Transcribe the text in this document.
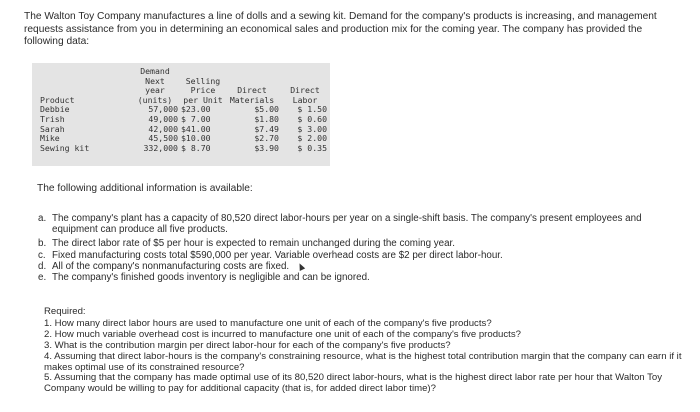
The Walton Toy Company manufactures a line of dolls and a sewing kit. Demand for the company's products is increasing, and management requests assistance from you in determining an economical sales and production mix for the coming year. The company has provided the following data:

	Demand			
	Next	Selling		
	year	Price	Direct	Direct
Product	(units)	per Unit	Materials	Labor
Debbie	57,000	$23.00	$5.00	$ 1.50
Trish	49,000	$ 7.00	$1.80	$ 0.60
Sarah	42,000	$41.00	$7.49	$ 3.00
Mike	45,500	$10.00	$2.70	$ 2.00
Sewing kit	332,000	$ 8.70	$3.90	$ 0.35

The following additional information is available:

a. The company's plant has a capacity of 80,520 direct labor-hours per year on a single-shift basis. The company's present employees and equipment can produce all five products.
b. The direct labor rate of $5 per hour is expected to remain unchanged during the coming year.
c. Fixed manufacturing costs total $590,000 per year. Variable overhead costs are $2 per direct labor-hour.
d. All of the company's nonmanufacturing costs are fixed.
e. The company's finished goods inventory is negligible and can be ignored.

Required:

1. How many direct labor hours are used to manufacture one unit of each of the company's five products?
2. How much variable overhead cost is incurred to manufacture one unit of each of the company's five products?
3. What is the contribution margin per direct labor-hour for each of the company's five products?
4. Assuming that direct labor-hours is the company's constraining resource, what is the highest total contribution margin that the company can earn if it makes optimal use of its constrained resource?
5. Assuming that the company has made optimal use of its 80,520 direct labor-hours, what is the highest direct labor rate per hour that Walton Toy Company would be willing to pay for additional capacity (that is, for added direct labor time)?
